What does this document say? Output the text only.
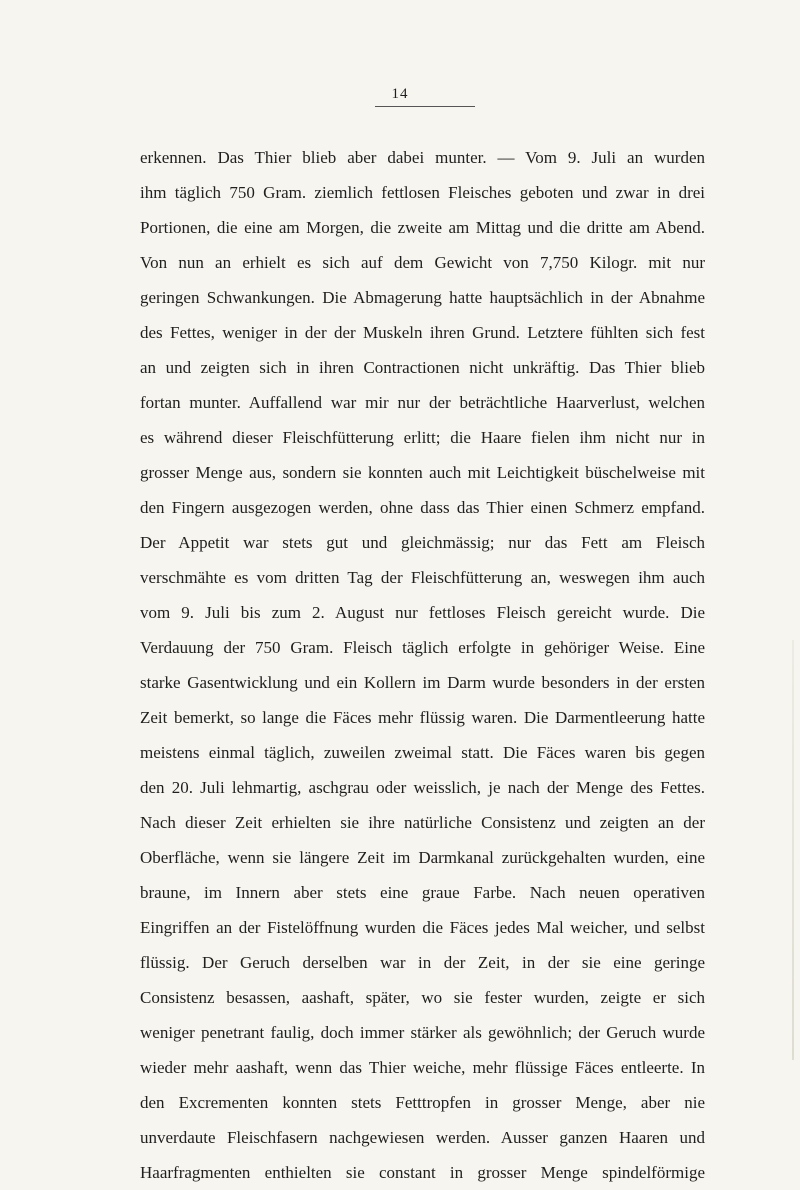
14
erkennen. Das Thier blieb aber dabei munter. — Vom 9. Juli an wurden
ihm täglich 750 Gram. ziemlich fettlosen Fleisches geboten und zwar in drei
Portionen, die eine am Morgen, die zweite am Mittag und die dritte am Abend.
Von nun an erhielt es sich auf dem Gewicht von 7,750 Kilogr. mit nur
geringen Schwankungen. Die Abmagerung hatte hauptsächlich in der Abnahme
des Fettes, weniger in der der Muskeln ihren Grund. Letztere fühlten sich fest
an und zeigten sich in ihren Contractionen nicht unkräftig. Das Thier blieb
fortan munter. Auffallend war mir nur der beträchtliche Haarverlust, welchen
es während dieser Fleischfütterung erlitt; die Haare fielen ihm nicht nur in
grosser Menge aus, sondern sie konnten auch mit Leichtigkeit büschelweise mit
den Fingern ausgezogen werden, ohne dass das Thier einen Schmerz empfand.
Der Appetit war stets gut und gleichmässig; nur das Fett am Fleisch
verschmähte es vom dritten Tag der Fleischfütterung an, weswegen ihm auch
vom 9. Juli bis zum 2. August nur fettloses Fleisch gereicht wurde. Die
Verdauung der 750 Gram. Fleisch täglich erfolgte in gehöriger Weise. Eine
starke Gasentwicklung und ein Kollern im Darm wurde besonders in der ersten
Zeit bemerkt, so lange die Fäces mehr flüssig waren. Die Darmentleerung hatte
meistens einmal täglich, zuweilen zweimal statt. Die Fäces waren bis gegen
den 20. Juli lehmartig, aschgrau oder weisslich, je nach der Menge des Fettes.
Nach dieser Zeit erhielten sie ihre natürliche Consistenz und zeigten an der
Oberfläche, wenn sie längere Zeit im Darmkanal zurückgehalten wurden, eine
braune, im Innern aber stets eine graue Farbe. Nach neuen operativen
Eingriffen an der Fistelöffnung wurden die Fäces jedes Mal weicher, und selbst
flüssig. Der Geruch derselben war in der Zeit, in der sie eine geringe
Consistenz besassen, aashaft, später, wo sie fester wurden, zeigte er sich
weniger penetrant faulig, doch immer stärker als gewöhnlich; der Geruch wurde
wieder mehr aashaft, wenn das Thier weiche, mehr flüssige Fäces entleerte. In
den Excrementen konnten stets Fetttropfen in grosser Menge, aber nie
unverdaute Fleischfasern nachgewiesen werden. Ausser ganzen Haaren und
Haarfragmenten enthielten sie constant in grosser Menge spindelförmige
